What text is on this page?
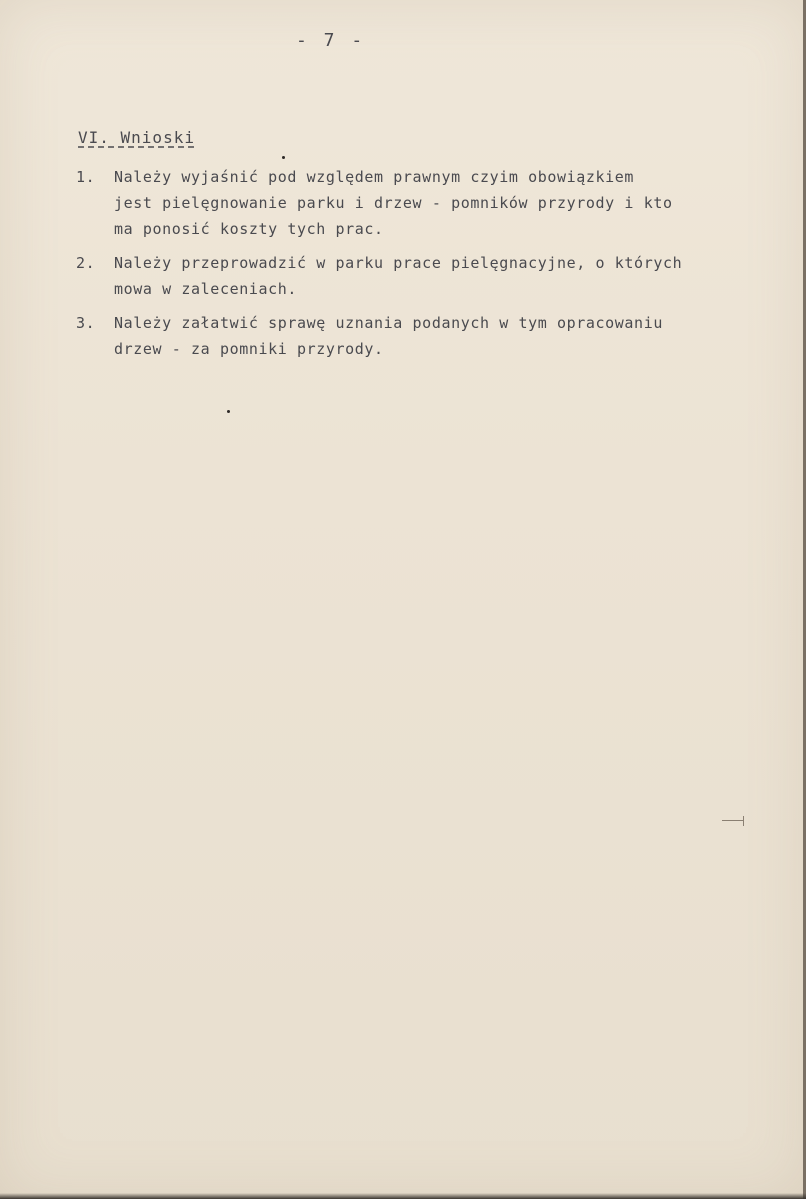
- 7 -
VI. Wnioski
1. Należy wyjaśnić pod względem prawnym czyim obowiązkiem
jest pielęgnowanie parku i drzew - pomników przyrody i kto
ma ponosić koszty tych prac.
2. Należy przeprowadzić w parku prace pielęgnacyjne, o których
mowa w zaleceniach.
3. Należy załatwić sprawę uznania podanych w tym opracowaniu
drzew - za pomniki przyrody.
